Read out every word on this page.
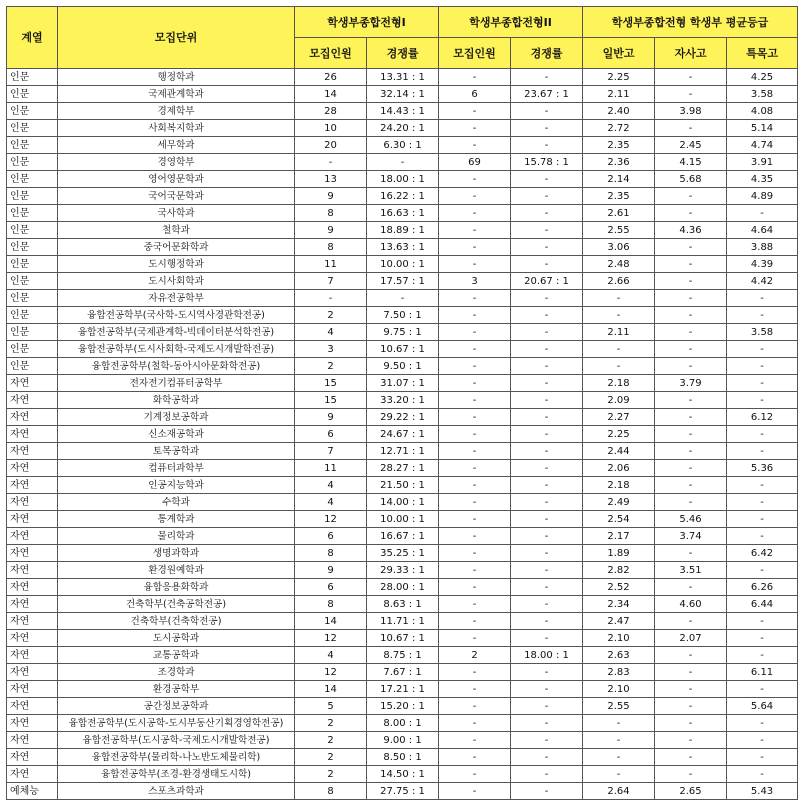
계열	모집단위	학생부종합전형I		학생부종합전형II		학생부종합전형 학생부 평균등급		
		모집인원	경쟁률	모집인원	경쟁률	일반고	자사고	특목고
인문	행정학과	26	13.31 : 1	-	-	2.25	-	4.25
인문	국제관계학과	14	32.14 : 1	6	23.67 : 1	2.11	-	3.58
인문	경제학부	28	14.43 : 1	-	-	2.40	3.98	4.08
인문	사회복지학과	10	24.20 : 1	-	-	2.72	-	5.14
인문	세무학과	20	6.30 : 1	-	-	2.35	2.45	4.74
인문	경영학부	-	-	69	15.78 : 1	2.36	4.15	3.91
인문	영어영문학과	13	18.00 : 1	-	-	2.14	5.68	4.35
인문	국어국문학과	9	16.22 : 1	-	-	2.35	-	4.89
인문	국사학과	8	16.63 : 1	-	-	2.61	-	-
인문	철학과	9	18.89 : 1	-	-	2.55	4.36	4.64
인문	중국어문화학과	8	13.63 : 1	-	-	3.06	-	3.88
인문	도시행정학과	11	10.00 : 1	-	-	2.48	-	4.39
인문	도시사회학과	7	17.57 : 1	3	20.67 : 1	2.66	-	4.42
인문	자유전공학부	-	-	-	-	-	-	-
인문	융합전공학부(국사학-도시역사경관학전공)	2	7.50 : 1	-	-	-	-	-
인문	융합전공학부(국제관계학-빅데이터분석학전공)	4	9.75 : 1	-	-	2.11	-	3.58
인문	융합전공학부(도시사회학-국제도시개발학전공)	3	10.67 : 1	-	-	-	-	-
인문	융합전공학부(철학-동아시아문화학전공)	2	9.50 : 1	-	-	-	-	-
자연	전자전기컴퓨터공학부	15	31.07 : 1	-	-	2.18	3.79	-
자연	화학공학과	15	33.20 : 1	-	-	2.09	-	-
자연	기계정보공학과	9	29.22 : 1	-	-	2.27	-	6.12
자연	신소재공학과	6	24.67 : 1	-	-	2.25	-	-
자연	토목공학과	7	12.71 : 1	-	-	2.44	-	-
자연	컴퓨터과학부	11	28.27 : 1	-	-	2.06	-	5.36
자연	인공지능학과	4	21.50 : 1	-	-	2.18	-	-
자연	수학과	4	14.00 : 1	-	-	2.49	-	-
자연	통계학과	12	10.00 : 1	-	-	2.54	5.46	-
자연	물리학과	6	16.67 : 1	-	-	2.17	3.74	-
자연	생명과학과	8	35.25 : 1	-	-	1.89	-	6.42
자연	환경원예학과	9	29.33 : 1	-	-	2.82	3.51	-
자연	융합응용화학과	6	28.00 : 1	-	-	2.52	-	6.26
자연	건축학부(건축공학전공)	8	8.63 : 1	-	-	2.34	4.60	6.44
자연	건축학부(건축학전공)	14	11.71 : 1	-	-	2.47	-	-
자연	도시공학과	12	10.67 : 1	-	-	2.10	2.07	-
자연	교통공학과	4	8.75 : 1	2	18.00 : 1	2.63	-	-
자연	조경학과	12	7.67 : 1	-	-	2.83	-	6.11
자연	환경공학부	14	17.21 : 1	-	-	2.10	-	-
자연	공간정보공학과	5	15.20 : 1	-	-	2.55	-	5.64
자연	융합전공학부(도시공학-도시부동산기획경영학전공)	2	8.00 : 1	-	-	-	-	-
자연	융합전공학부(도시공학-국제도시개발학전공)	2	9.00 : 1	-	-	-	-	-
자연	융합전공학부(물리학-나노반도체물리학)	2	8.50 : 1	-	-	-	-	-
자연	융합전공학부(조경-환경생태도시학)	2	14.50 : 1	-	-	-	-	-
예체능	스포츠과학과	8	27.75 : 1	-	-	2.64	2.65	5.43
